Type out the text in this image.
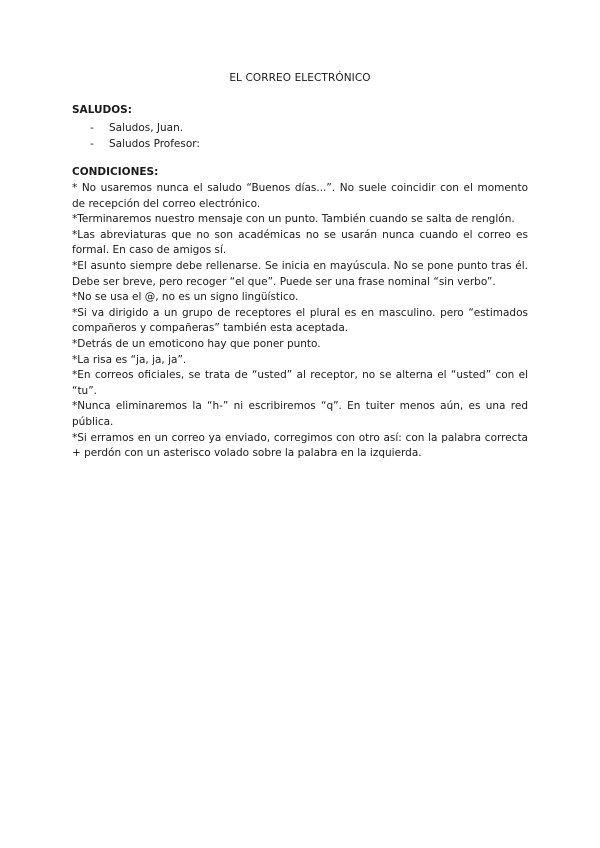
EL CORREO ELECTRÓNICO
SALUDOS:
- Saludos, Juan.
- Saludos Profesor:
CONDICIONES:

* No usaremos nunca el saludo “Buenos días...”. No suele coincidir con el momento de recepción del correo electrónico.

*Terminaremos nuestro mensaje con un punto. También cuando se salta de renglón.

*Las abreviaturas que no son académicas no se usarán nunca cuando el correo es formal. En caso de amigos sí.

*El asunto siempre debe rellenarse. Se inicia en mayúscula. No se pone punto tras él. Debe ser breve, pero recoger “el que”. Puede ser una frase nominal “sin verbo”.

*No se usa el @, no es un signo lingüístico.

*Si va dirigido a un grupo de receptores el plural es en masculino. pero “estimados compañeros y compañeras” también esta aceptada.

*Detrás de un emoticono hay que poner punto.

*La risa es “ja, ja, ja”.

*En correos oficiales, se trata de “usted” al receptor, no se alterna el “usted” con el “tu”.

*Nunca eliminaremos la “h-” ni escribiremos “q”. En tuiter menos aún, es una red pública.

*Si erramos en un correo ya enviado, corregimos con otro así: con la palabra correcta + perdón con un asterisco volado sobre la palabra en la izquierda.
